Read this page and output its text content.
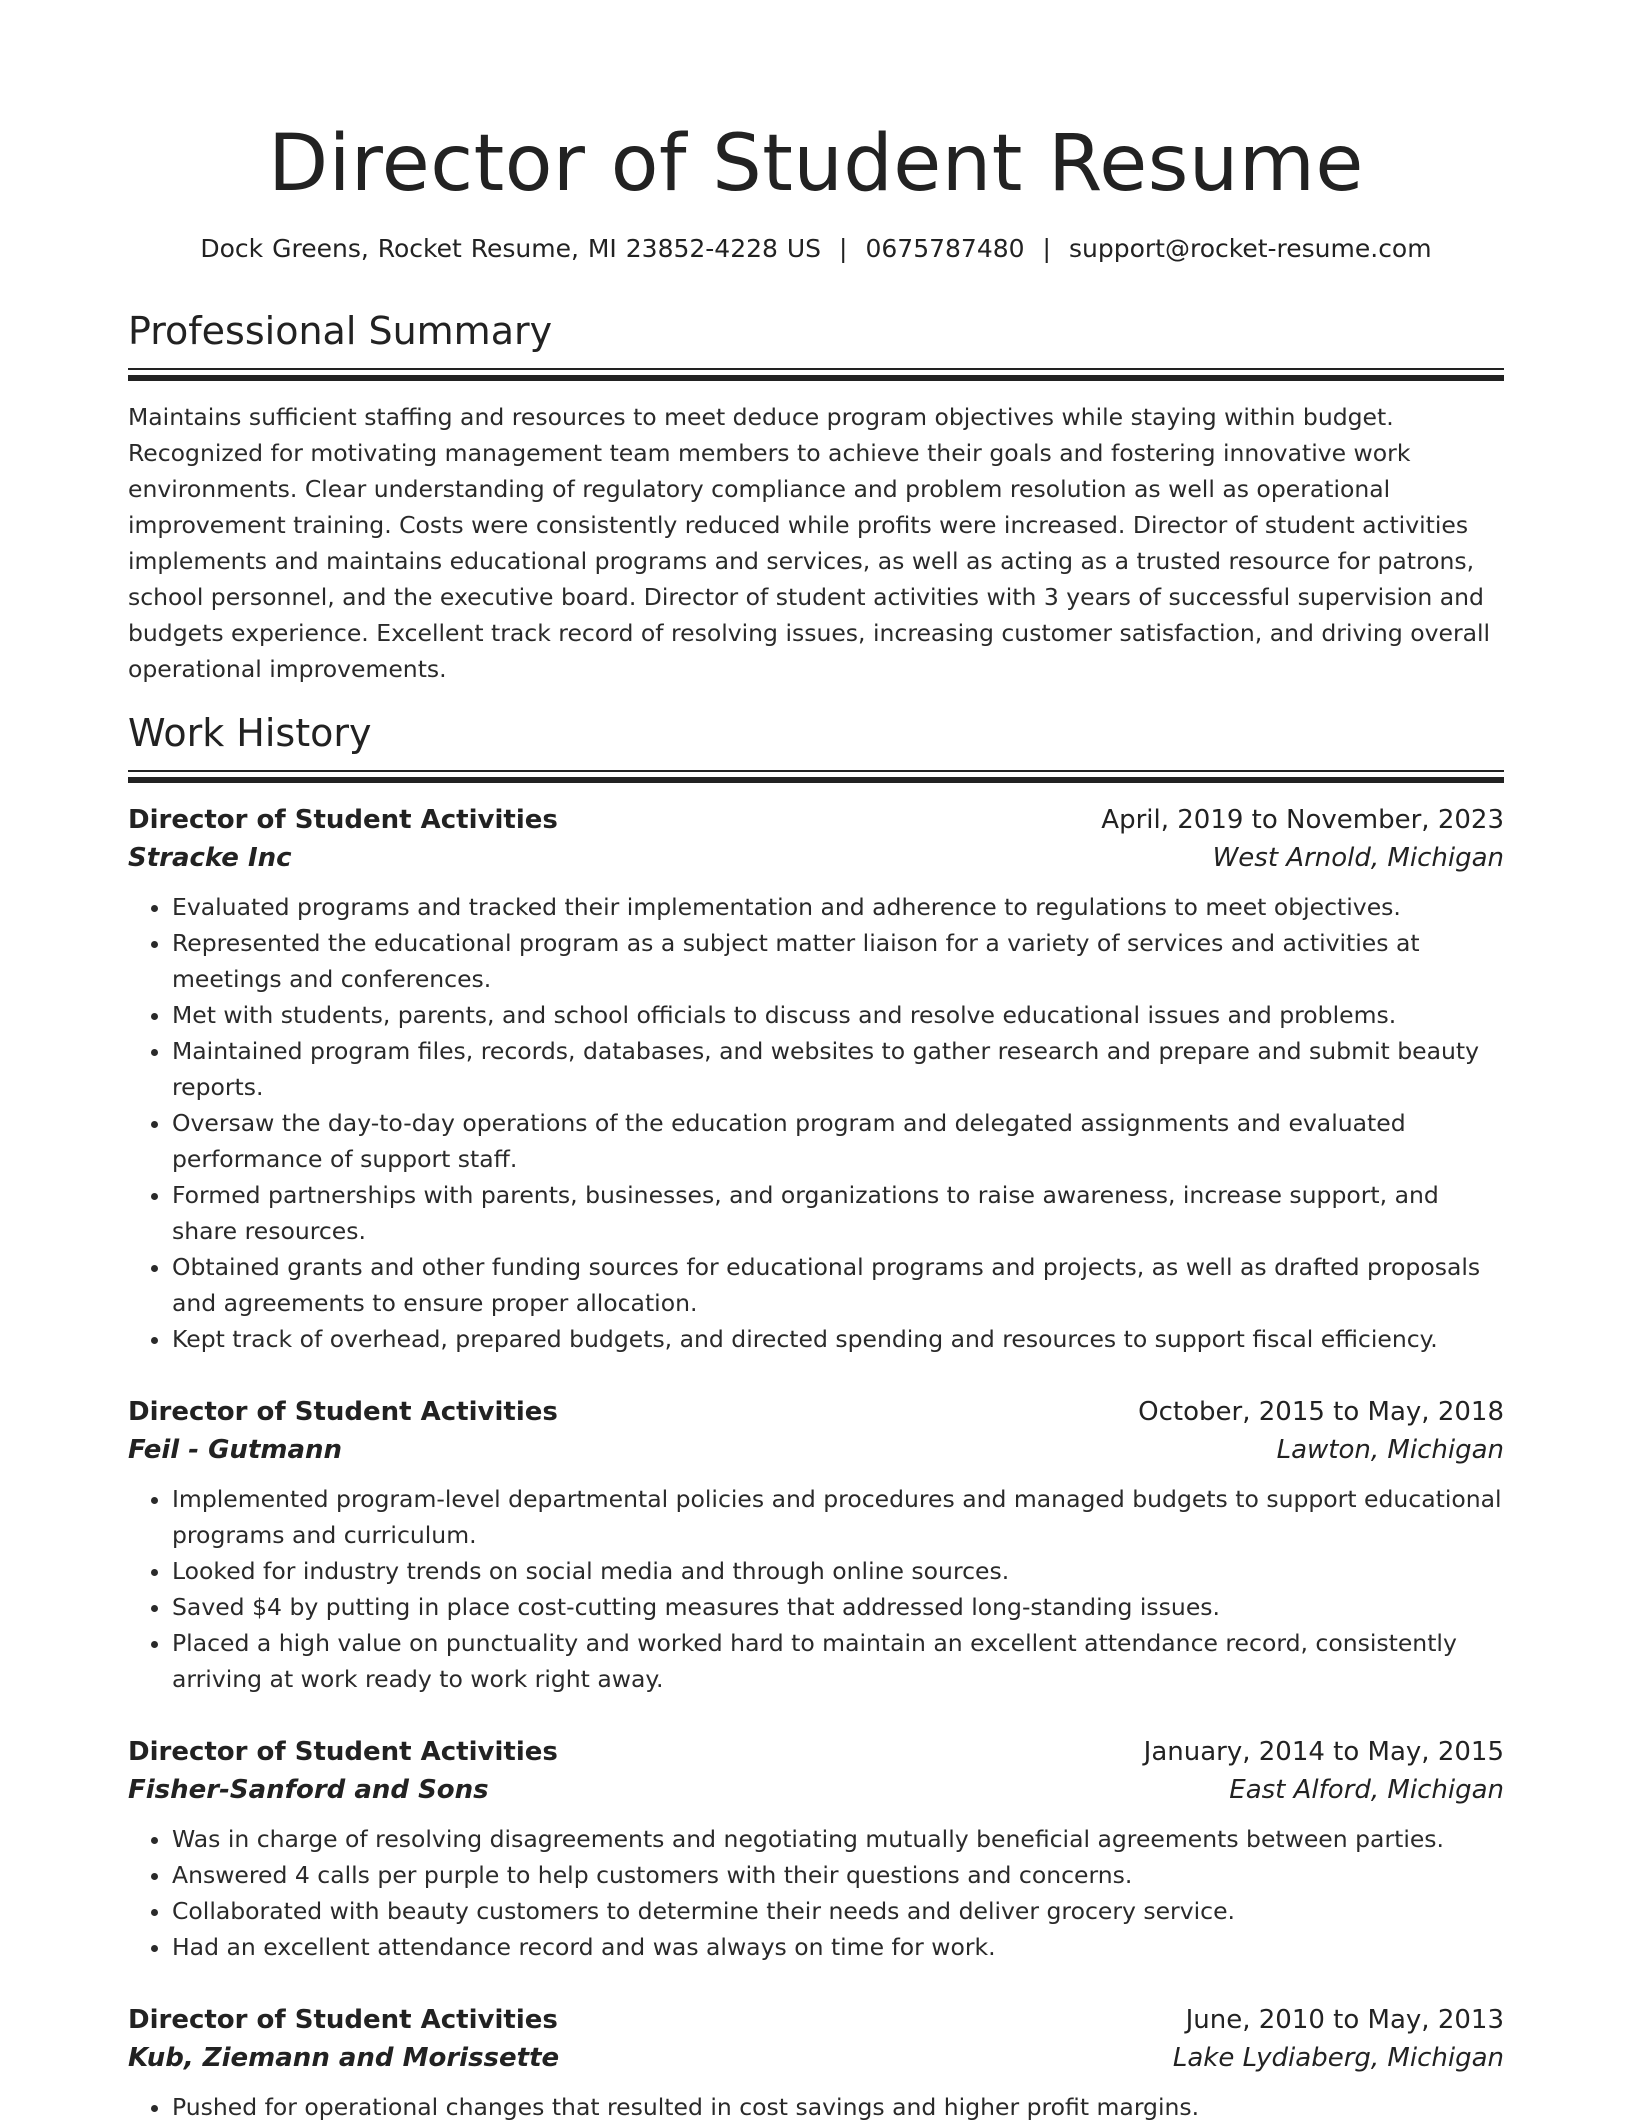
Director of Student Resume
Dock Greens, Rocket Resume, MI 23852-4228 US | 0675787480 | support@rocket-resume.com
Professional Summary

Maintains sufficient staffing and resources to meet deduce program objectives while staying within budget. Recognized for motivating management team members to achieve their goals and fostering innovative work environments. Clear understanding of regulatory compliance and problem resolution as well as operational improvement training. Costs were consistently reduced while profits were increased. Director of student activities implements and maintains educational programs and services, as well as acting as a trusted resource for patrons, school personnel, and the executive board. Director of student activities with 3 years of successful supervision and budgets experience. Excellent track record of resolving issues, increasing customer satisfaction, and driving overall operational improvements.

Work History
Director of Student Activities	April, 2019 to November, 2023
Stracke Inc	West Arnold, Michigan
• Evaluated programs and tracked their implementation and adherence to regulations to meet objectives.
• Represented the educational program as a subject matter liaison for a variety of services and activities at meetings and conferences.
• Met with students, parents, and school officials to discuss and resolve educational issues and problems.
• Maintained program files, records, databases, and websites to gather research and prepare and submit beauty reports.
• Oversaw the day-to-day operations of the education program and delegated assignments and evaluated performance of support staff.
• Formed partnerships with parents, businesses, and organizations to raise awareness, increase support, and share resources.
• Obtained grants and other funding sources for educational programs and projects, as well as drafted proposals and agreements to ensure proper allocation.
• Kept track of overhead, prepared budgets, and directed spending and resources to support fiscal efficiency.
Director of Student Activities	October, 2015 to May, 2018
Feil - Gutmann	Lawton, Michigan
• Implemented program-level departmental policies and procedures and managed budgets to support educational programs and curriculum.
• Looked for industry trends on social media and through online sources.
• Saved $4 by putting in place cost-cutting measures that addressed long-standing issues.
• Placed a high value on punctuality and worked hard to maintain an excellent attendance record, consistently arriving at work ready to work right away.
Director of Student Activities	January, 2014 to May, 2015
Fisher-Sanford and Sons	East Alford, Michigan
• Was in charge of resolving disagreements and negotiating mutually beneficial agreements between parties.
• Answered 4 calls per purple to help customers with their questions and concerns.
• Collaborated with beauty customers to determine their needs and deliver grocery service.
• Had an excellent attendance record and was always on time for work.
Director of Student Activities	June, 2010 to May, 2013
Kub, Ziemann and Morissette	Lake Lydiaberg, Michigan
• Pushed for operational changes that resulted in cost savings and higher profit margins.
